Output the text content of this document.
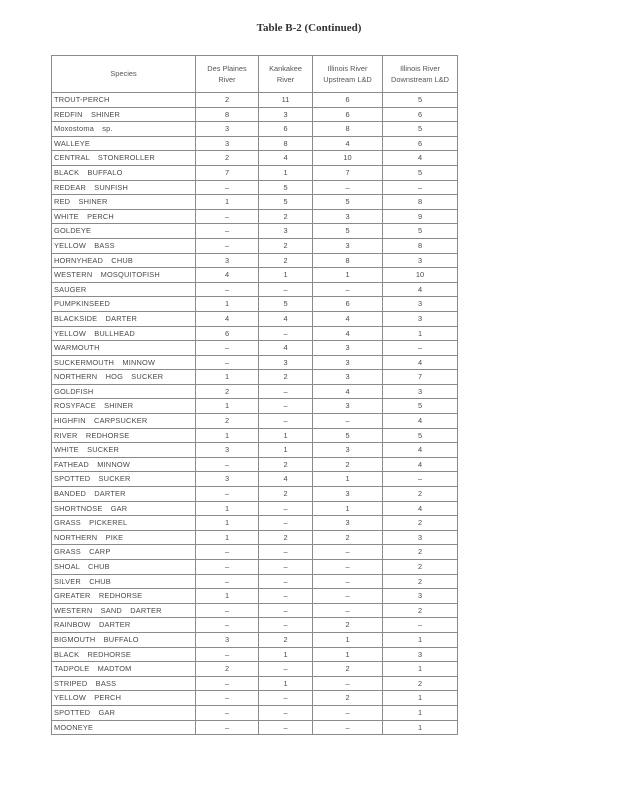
Table B-2 (Continued)
Species	Des Plaines River	Kankakee River	Illinois River Upstream L&D	Illinois River Downstream L&D
TROUT-PERCH	2	11	6	5
REDFIN SHINER	8	3	6	6
Moxostoma sp.	3	6	8	5
WALLEYE	3	8	4	6
CENTRAL STONEROLLER	2	4	10	4
BLACK BUFFALO	7	1	7	5
REDEAR SUNFISH	–	5	–	–
RED SHINER	1	5	5	8
WHITE PERCH	–	2	3	9
GOLDEYE	–	3	5	5
YELLOW BASS	–	2	3	8
HORNYHEAD CHUB	3	2	8	3
WESTERN MOSQUITOFISH	4	1	1	10
SAUGER	–	–	–	4
PUMPKINSEED	1	5	6	3
BLACKSIDE DARTER	4	4	4	3
YELLOW BULLHEAD	6	–	4	1
WARMOUTH	–	4	3	–
SUCKERMOUTH MINNOW	–	3	3	4
NORTHERN HOG SUCKER	1	2	3	7
GOLDFISH	2	–	4	3
ROSYFACE SHINER	1	–	3	5
HIGHFIN CARPSUCKER	2	–	–	4
RIVER REDHORSE	1	1	5	5
WHITE SUCKER	3	1	3	4
FATHEAD MINNOW	–	2	2	4
SPOTTED SUCKER	3	4	1	–
BANDED DARTER	–	2	3	2
SHORTNOSE GAR	1	–	1	4
GRASS PICKEREL	1	–	3	2
NORTHERN PIKE	1	2	2	3
GRASS CARP	–	–	–	2
SHOAL CHUB	–	–	–	2
SILVER CHUB	–	–	–	2
GREATER REDHORSE	1	–	–	3
WESTERN SAND DARTER	–	–	–	2
RAINBOW DARTER	–	–	2	–
BIGMOUTH BUFFALO	3	2	1	1
BLACK REDHORSE	–	1	1	3
TADPOLE MADTOM	2	–	2	1
STRIPED BASS	–	1	–	2
YELLOW PERCH	–	–	2	1
SPOTTED GAR	–	–	–	1
MOONEYE	–	–	–	1
